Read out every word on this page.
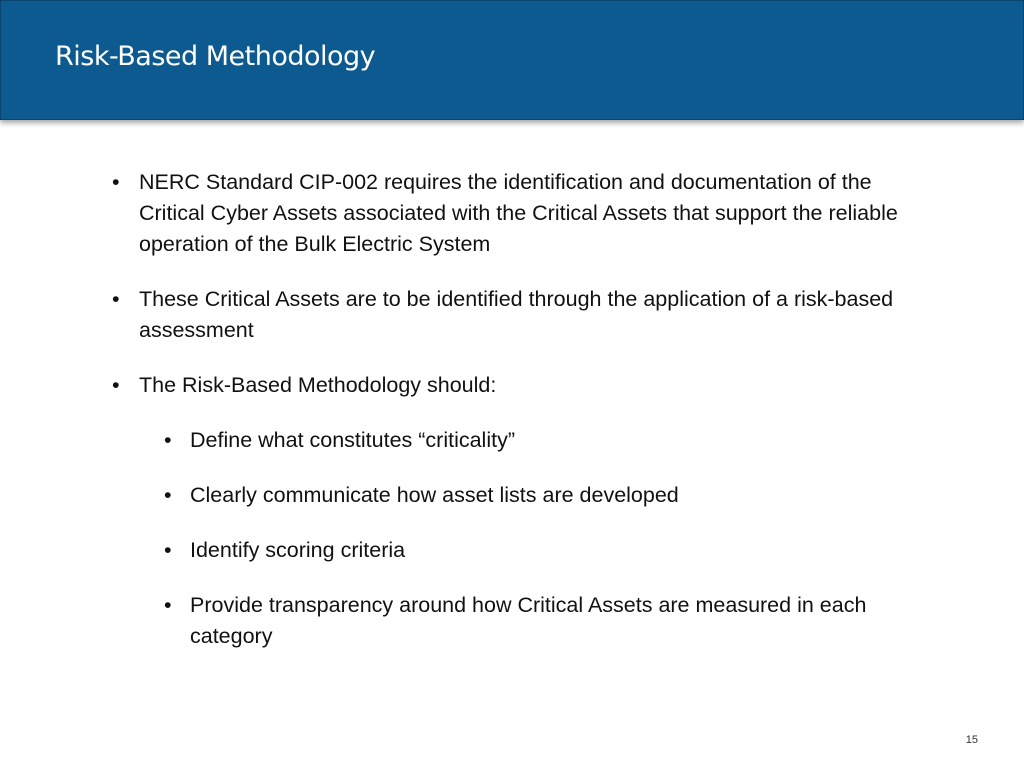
Risk-Based Methodology
• NERC Standard CIP-002 requires the identification and documentation of the Critical Cyber Assets associated with the Critical Assets that support the reliable operation of the Bulk Electric System
• These Critical Assets are to be identified through the application of a risk-based assessment
• The Risk-Based Methodology should:
• Define what constitutes “criticality”
• Clearly communicate how asset lists are developed
• Identify scoring criteria
• Provide transparency around how Critical Assets are measured in each category
15
